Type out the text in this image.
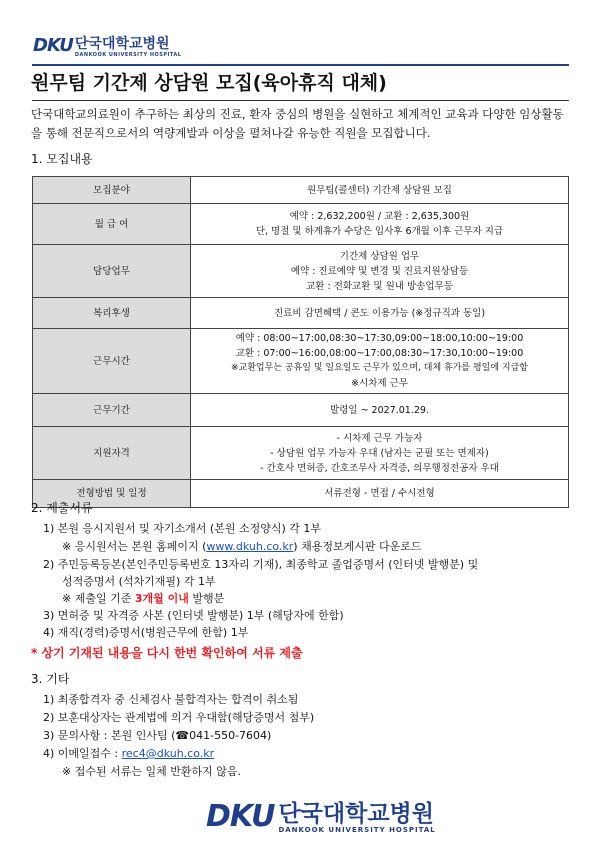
DKU 단국대학교병원
DANKOOK UNIVERSITY HOSPITAL
원무팀 기간제 상담원 모집(육아휴직 대체)
단국대학교의료원이 추구하는 최상의 진료, 환자 중심의 병원을 실현하고 체계적인 교육과 다양한 임상활동을 통해 전문직으로서의 역량계발과 이상을 펼쳐나갈 유능한 직원을 모집합니다.
1. 모집내용
모집분야	원무팀(콜센터) 기간제 상담원 모집

월 급 여	예약 : 2,632,200원 / 교환 : 2,635,300원
단, 명절 및 하계휴가 수당은 입사후 6개월 이후 근무자 지급

담당업무	기간제 상담원 업무
예약 : 진료예약 및 변경 및 진료지원상담등
교환 : 전화교환 및 원내 방송업무등

복리후생	진료비 감면혜택 / 콘도 이용가능 (※정규직과 동일)

근무시간	예약 : 08:00~17:00,08:30~17:30,09:00~18:00,10:00~19:00
교환 : 07:00~16:00,08:00~17:00,08:30~17:30,10:00~19:00
※교환업무는 공휴일 및 일요일도 근무가 있으며, 대체 휴가를 평일에 지급함
※시차제 근무

근무기간	발령일 ~ 2027.01.29.

지원자격	- 시차제 근무 가능자
- 상담원 업무 가능자 우대 (남자는 군필 또는 면제자)
- 간호사 면허증, 간호조무사 자격증, 의무행정전공자 우대

전형방법 및 일정	서류전형 - 면접 / 수시전형
2. 제출서류
1) 본원 응시지원서 및 자기소개서 (본원 소정양식) 각 1부
※ 응시원서는 본원 홈페이지 (www.dkuh.co.kr) 채용정보게시판 다운로드
2) 주민등록등본(본인주민등록번호 13자리 기재), 최종학교 졸업증명서 (인터넷 발행분) 및
성적증명서 (석차기재필) 각 1부
※ 제출일 기준 3개월 이내 발행분
3) 면허증 및 자격증 사본 (인터넷 발행분) 1부 (해당자에 한함)
4) 재직(경력)증명서(병원근무에 한함) 1부
* 상기 기재된 내용을 다시 한번 확인하여 서류 제출
3. 기타
1) 최종합격자 중 신체검사 불합격자는 합격이 취소됨
2) 보훈대상자는 관계법에 의거 우대함(해당증명서 첨부)
3) 문의사항 : 본원 인사팀 (☎041-550-7604)
4) 이메일접수 : rec4@dkuh.co.kr
※ 접수된 서류는 일체 반환하지 않음.
DKU 단국대학교병원
DANKOOK UNIVERSITY HOSPITAL
